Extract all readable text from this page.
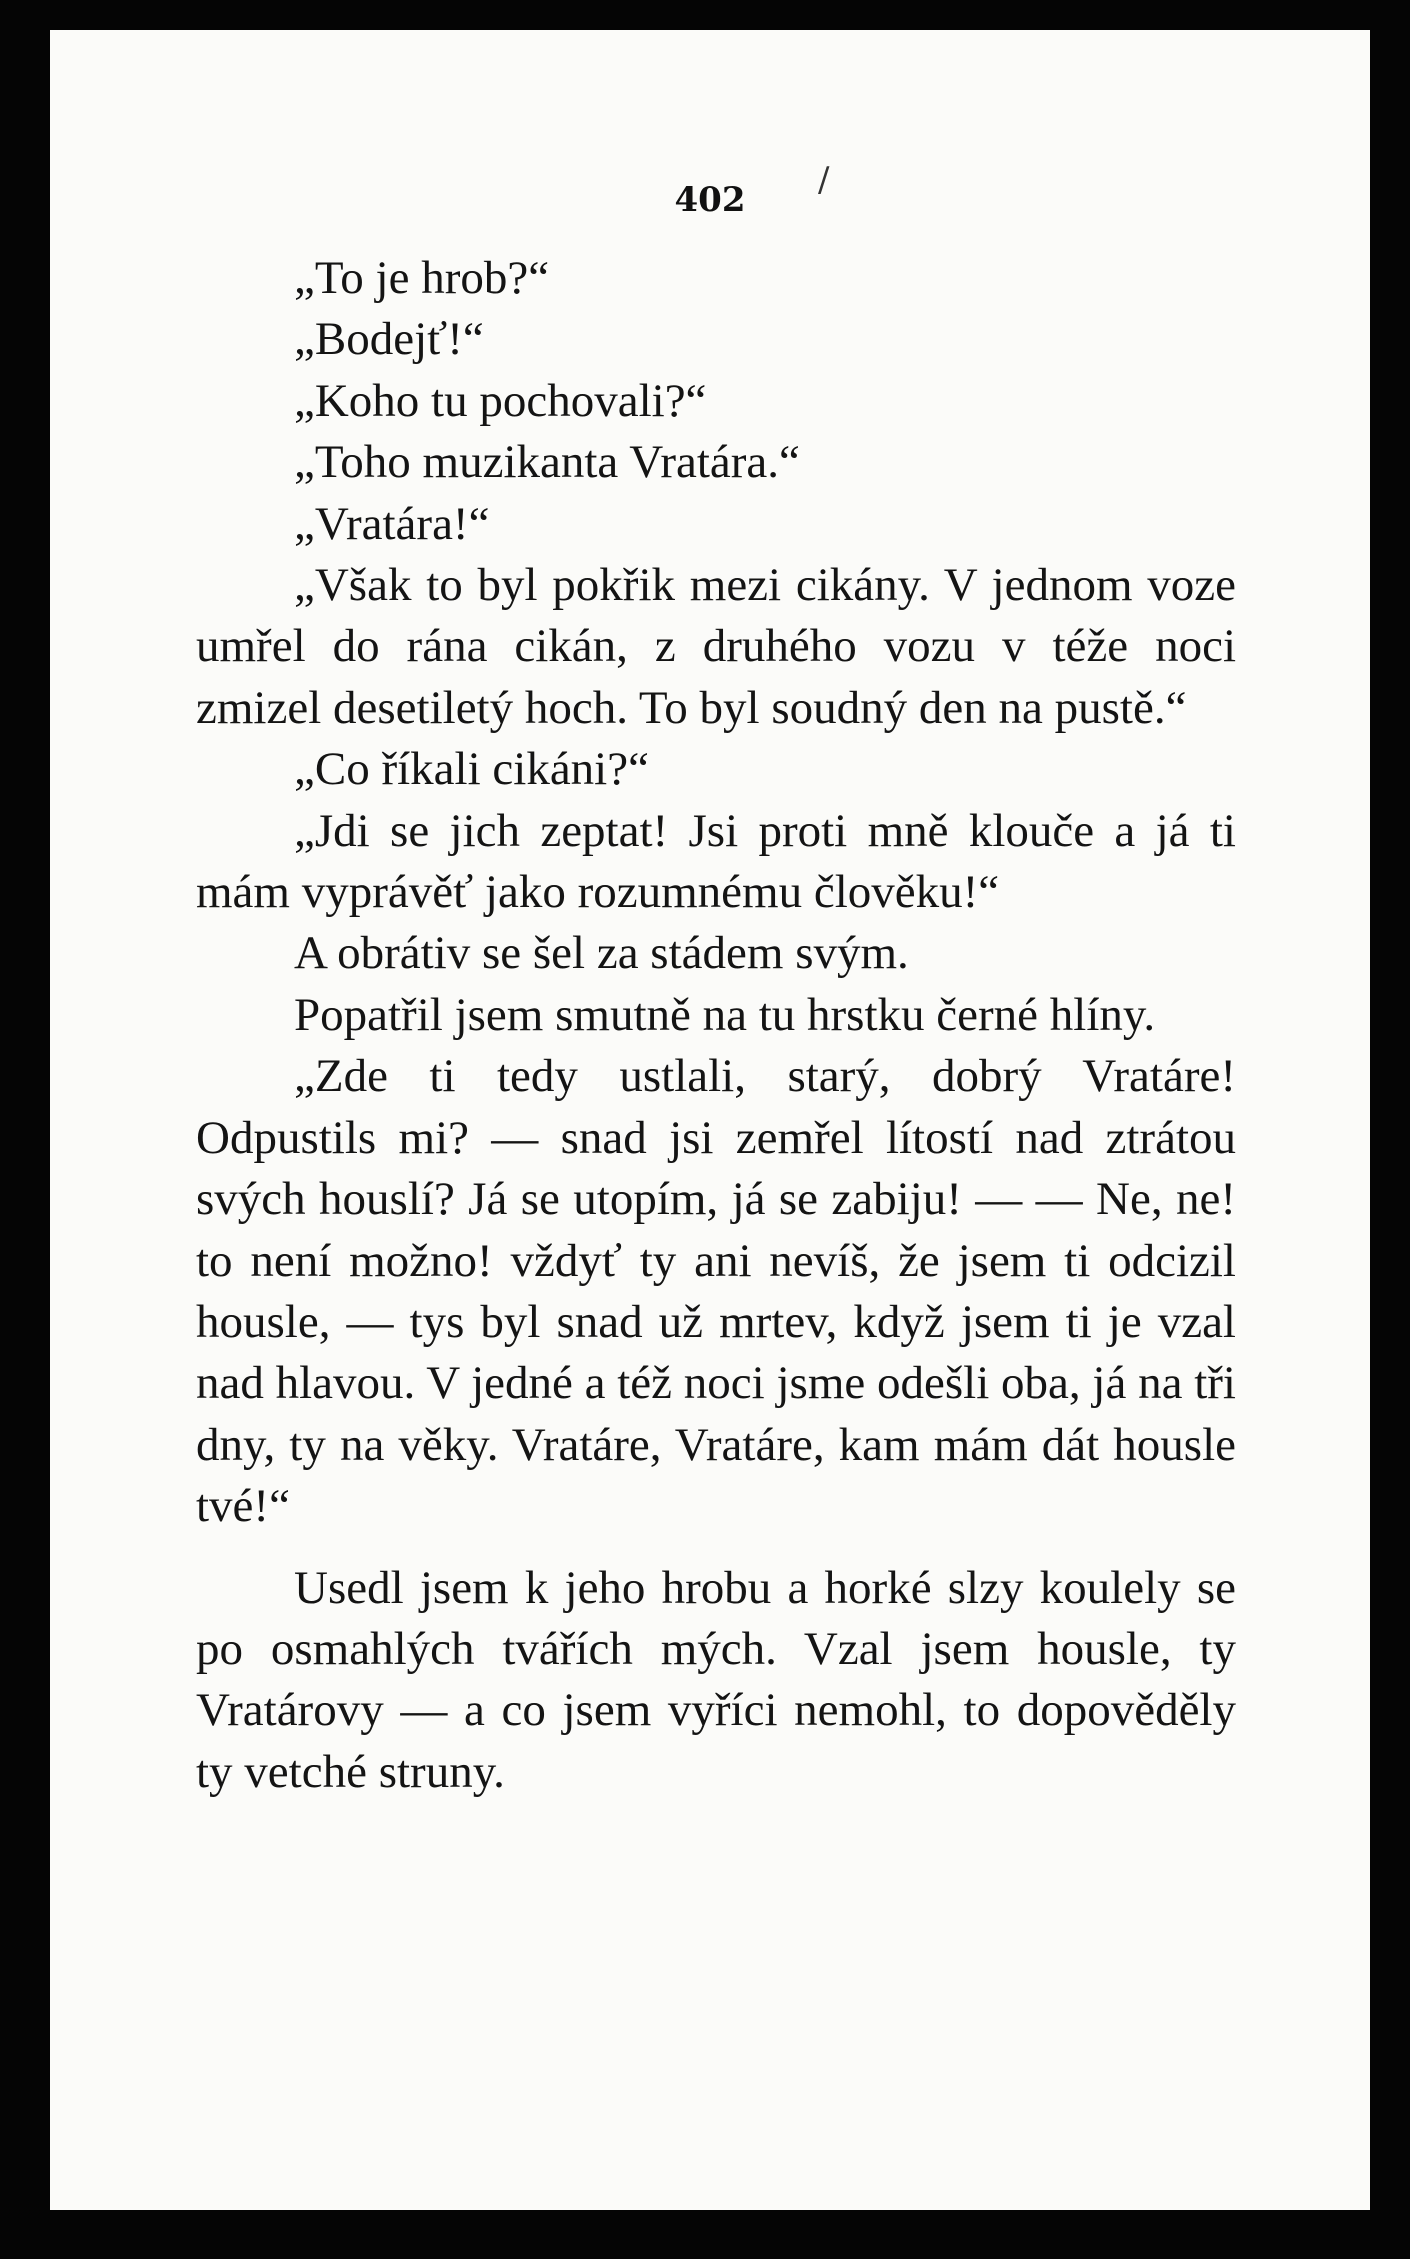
402	/

„To je hrob?“

„Bodejť!“

„Koho tu pochovali?“

„Toho muzikanta Vratára.“

„Vratára!“

„Však to byl pokřik mezi cikány. V jednom voze umřel do rána cikán, z druhého vozu v téže noci zmizel desetiletý hoch. To byl soudný den na pustě.“

„Co říkali cikáni?“

„Jdi se jich zeptat! Jsi proti mně klouče a já ti mám vyprávěť jako rozumnému člověku!“

A obrátiv se šel za stádem svým.

Popatřil jsem smutně na tu hrstku černé hlíny.

„Zde ti tedy ustlali, starý, dobrý Vratáre! Odpustils mi? — snad jsi zemřel lítostí nad ztrátou svých houslí? Já se utopím, já se zabiju! — — Ne, ne! to není možno! vždyť ty ani nevíš, že jsem ti odcizil housle, — tys byl snad už mrtev, když jsem ti je vzal nad hlavou. V jedné a též noci jsme odešli oba, já na tři dny, ty na věky. Vratáre, Vratáre, kam mám dát housle tvé!“

Usedl jsem k jeho hrobu a horké slzy koulely se po osmahlých tvářích mých. Vzal jsem housle, ty Vratárovy — a co jsem vyříci nemohl, to dopověděly ty vetché struny.
